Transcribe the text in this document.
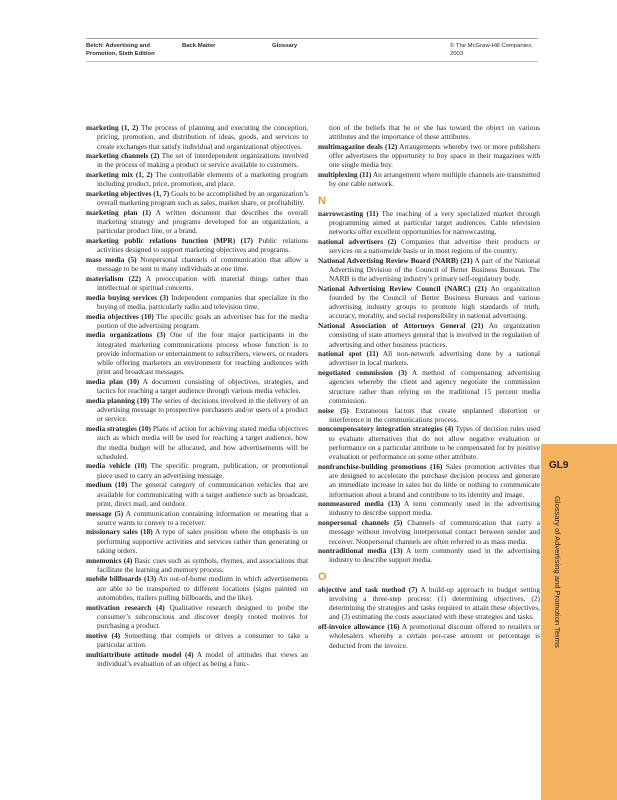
Belch: Advertising and Promotion, Sixth Edition
Back Matter	Glossary	© The McGraw-Hill Companies, 2003

marketing (1, 2) The process of planning and executing the conception, pricing, promotion, and distribution of ideas, goods, and services to create exchanges that satisfy individual and organizational objectives.

marketing channels (2) The set of interdependent organizations involved in the process of making a product or service available to customers.

marketing mix (1, 2) The controllable elements of a marketing program including product, price, promotion, and place.

marketing objectives (1, 7) Goals to be accomplished by an organization’s overall marketing program such as sales, market share, or profitability.

marketing plan (1) A written document that describes the overall marketing strategy and programs developed for an organization, a particular product line, or a brand.

marketing public relations function (MPR) (17) Public relations activities designed to support marketing objectives and programs.

mass media (5) Nonpersonal channels of communication that allow a message to be sent to many individuals at one time.

materialism (22) A preoccupation with material things rather than intellectual or spiritual concerns.

media buying services (3) Independent companies that specialize in the buying of media, particularly radio and television time.

media objectives (10) The specific goals an advertiser has for the media portion of the advertising program.

media organizations (3) One of the four major participants in the integrated marketing communications process whose function is to provide information or entertainment to subscribers, viewers, or readers while offering marketers an environment for reaching audiences with print and broadcast messages.

media plan (10) A document consisting of objectives, strategies, and tactics for reaching a target audience through various media vehicles.

media planning (10) The series of decisions involved in the delivery of an advertising message to prospective purchasers and/or users of a product or service.

media strategies (10) Plans of action for achieving stated media objectives such as which media will be used for reaching a target audience, how the media budget will be allocated, and how advertisements will be scheduled.

media vehicle (10) The specific program, publication, or promotional piece used to carry an advertising message.

medium (10) The general category of communication vehicles that are available for communicating with a target audience such as broadcast, print, direct mail, and outdoor.

message (5) A communication containing information or meaning that a source wants to convey to a receiver.

missionary sales (18) A type of sales position where the emphasis is on performing supportive activities and services rather than generating or taking orders.

mnemonics (4) Basic cues such as symbols, rhymes, and associations that facilitate the learning and memory process.

mobile billboards (13) An out-of-home medium in which advertisements are able to be transported to different locations (signs painted on automobiles, trailers pulling billboards, and the like).

motivation research (4) Qualitative research designed to probe the consumer’s subconscious and discover deeply rooted motives for purchasing a product.

motive (4) Something that compels or drives a consumer to take a particular action.

multiattribute attitude model (4) A model of attitudes that views an individual’s evaluation of an object as being a func-

tion of the beliefs that he or she has toward the object on various attributes and the importance of these attributes.

multimagazine deals (12) Arrangements whereby two or more publishers offer advertisers the opportunity to buy space in their magazines with one single media buy.

multiplexing (11) An arrangement where multiple channels are transmitted by one cable network.

N

narrowcasting (11) The reaching of a very specialized market through programming aimed at particular target audiences. Cable television networks offer excellent opportunities for narrowcasting.

national advertisers (2) Companies that advertise their products or services on a nationwide basis or in most regions of the country.

National Advertising Review Board (NARB) (21) A part of the National Advertising Division of the Council of Better Business Bureaus. The NARB is the advertising industry’s primary self-regulatory body.

National Advertising Review Council (NARC) (21) An organization founded by the Council of Better Business Bureaus and various advertising industry groups to promote high standards of truth, accuracy, morality, and social responsibility in national advertising.

National Association of Attorneys General (21) An organization consisting of state attorneys general that is involved in the regulation of advertising and other business practices.

national spot (11) All non-network advertising done by a national advertiser in local markets.

negotiated commission (3) A method of compensating advertising agencies whereby the client and agency negotiate the commission structure rather than relying on the traditional 15 percent media commission.

noise (5) Extraneous factors that create unplanned distortion or interference in the communications process.

noncompensatory integration strategies (4) Types of decision rules used to evaluate alternatives that do not allow negative evaluation or performance on a particular attribute to be compensated for by positive evaluation or performance on some other attribute.

nonfranchise-building promotions (16) Sales promotion activities that are designed to accelerate the purchase decision process and generate an immediate increase in sales but do little or nothing to communicate information about a brand and contribute to its identity and image.

nonmeasured media (13) A term commonly used in the advertising industry to describe support media.

nonpersonal channels (5) Channels of communication that carry a message without involving interpersonal contact between sender and receiver. Nonpersonal channels are often referred to as mass media.

nontraditional media (13) A term commonly used in the advertising industry to describe support media.

O

objective and task method (7) A build-up approach to budget setting involving a three-step process: (1) determining objectives, (2) determining the strategies and tasks required to attain these objectives, and (3) estimating the costs associated with these strategies and tasks.

off-invoice allowance (16) A promotional discount offered to retailers or wholesalers whereby a certain per-case amount or percentage is deducted from the invoice.

GL9
Glossary of Advertising and Promotion Terms
